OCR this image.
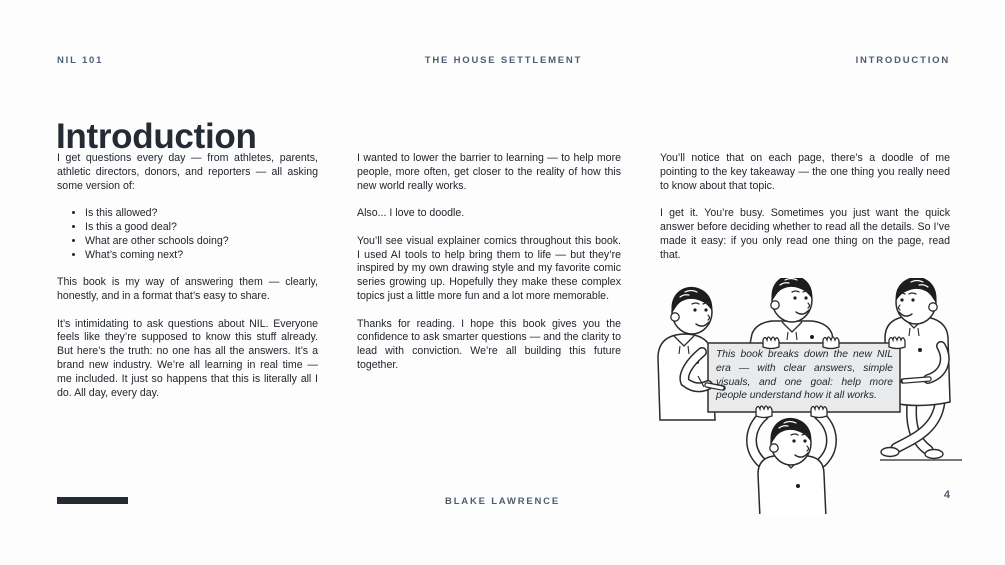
NIL 101	THE HOUSE SETTLEMENT	INTRODUCTION
Introduction

I get questions every day — from athletes, parents, athletic directors, donors, and reporters — all asking some version of:

• Is this allowed?
• Is this a good deal?
• What are other schools doing?
• What’s coming next?

This book is my way of answering them — clearly, honestly, and in a format that’s easy to share.

It’s intimidating to ask questions about NIL. Everyone feels like they’re supposed to know this stuff already. But here’s the truth: no one has all the answers. It’s a brand new industry. We’re all learning in real time — me included. It just so happens that this is literally all I do. All day, every day.

I wanted to lower the barrier to learning — to help more people, more often, get closer to the reality of how this new world really works.

Also... I love to doodle.

You’ll see visual explainer comics throughout this book. I used AI tools to help bring them to life — but they’re inspired by my own drawing style and my favorite comic series growing up. Hopefully they make these complex topics just a little more fun and a lot more memorable.

Thanks for reading. I hope this book gives you the confidence to ask smarter questions — and the clarity to lead with conviction. We’re all building this future together.

You’ll notice that on each page, there’s a doodle of me pointing to the key takeaway — the one thing you really need to know about that topic.

I get it. You’re busy. Sometimes you just want the quick answer before deciding whether to read all the details. So I’ve made it easy: if you only read one thing on the page, read that.

This book breaks down the new NIL era — with clear answers, simple visuals, and one goal: help more people understand how it all works.
BLAKE LAWRENCE
4
